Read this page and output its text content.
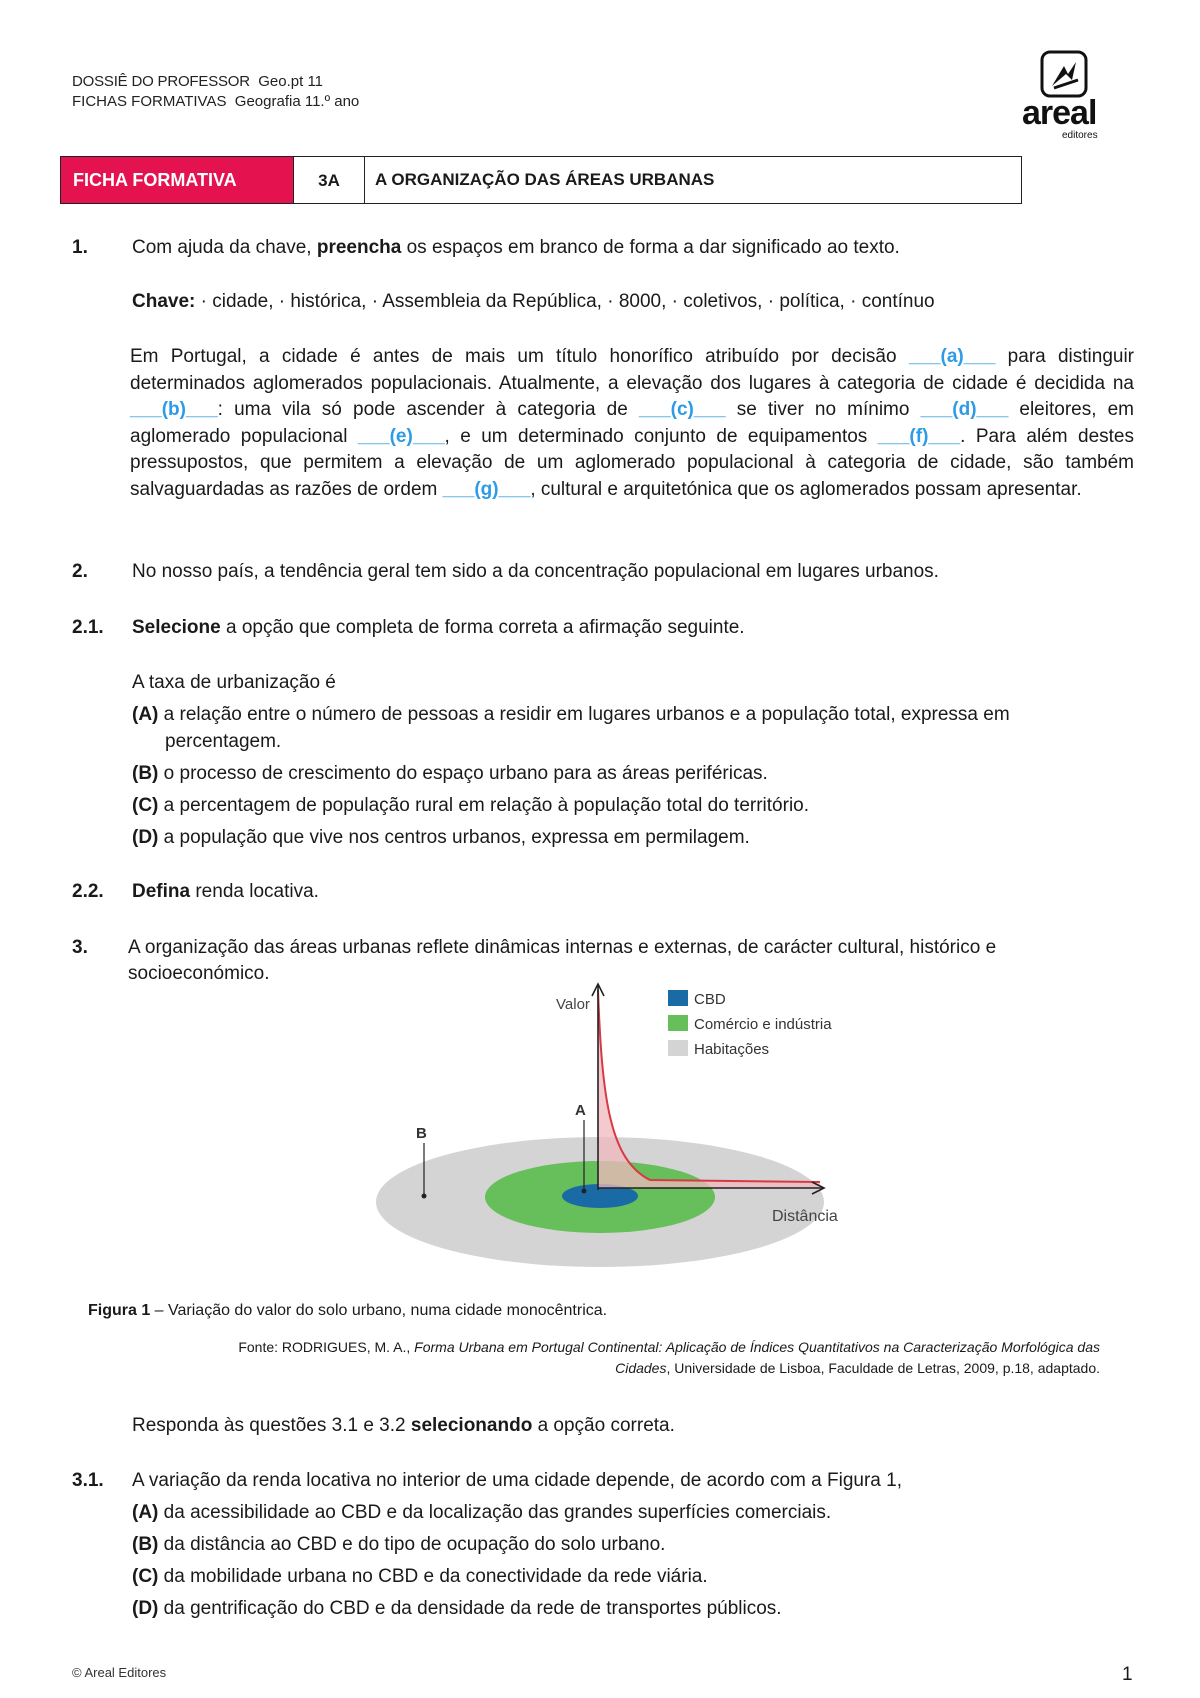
DOSSIÊ DO PROFESSOR Geo.pt 11
FICHAS FORMATIVAS Geografia 11.º ano	areal
editores
FICHA FORMATIVA	3A	A ORGANIZAÇÃO DAS ÁREAS URBANAS
1. Com ajuda da chave, preencha os espaços em branco de forma a dar significado ao texto.
Chave: · cidade, · histórica, · Assembleia da República, · 8000, · coletivos, · política, · contínuo
Em Portugal, a cidade é antes de mais um título honorífico atribuído por decisão ___(a)___ para distinguir determinados aglomerados populacionais. Atualmente, a elevação dos lugares à categoria de cidade é decidida na ___(b)___: uma vila só pode ascender à categoria de ___(c)___ se tiver no mínimo ___(d)___ eleitores, em aglomerado populacional ___(e)___, e um determinado conjunto de equipamentos ___(f)___. Para além destes pressupostos, que permitem a elevação de um aglomerado populacional à categoria de cidade, são também salvaguardadas as razões de ordem ___(g)___, cultural e arquitetónica que os aglomerados possam apresentar.
2. No nosso país, a tendência geral tem sido a da concentração populacional em lugares urbanos.
2.1. Selecione a opção que completa de forma correta a afirmação seguinte.
A taxa de urbanização é
(A) a relação entre o número de pessoas a residir em lugares urbanos e a população total, expressa em
percentagem.
(B) o processo de crescimento do espaço urbano para as áreas periféricas.
(C) a percentagem de população rural em relação à população total do território.
(D) a população que vive nos centros urbanos, expressa em permilagem.
2.2. Defina renda locativa.
3. A organização das áreas urbanas reflete dinâmicas internas e externas, de carácter cultural, histórico e
socioeconómico.
Valor
Distância
A
B
CBD
Comércio e indústria
Habitações
Figura 1 – Variação do valor do solo urbano, numa cidade monocêntrica.
Fonte: RODRIGUES, M. A., Forma Urbana em Portugal Continental: Aplicação de Índices Quantitativos na Caracterização Morfológica das
Cidades, Universidade de Lisboa, Faculdade de Letras, 2009, p.18, adaptado.
Responda às questões 3.1 e 3.2 selecionando a opção correta.
3.1. A variação da renda locativa no interior de uma cidade depende, de acordo com a Figura 1,
(A) da acessibilidade ao CBD e da localização das grandes superfícies comerciais.
(B) da distância ao CBD e do tipo de ocupação do solo urbano.
(C) da mobilidade urbana no CBD e da conectividade da rede viária.
(D) da gentrificação do CBD e da densidade da rede de transportes públicos.
© Areal Editores	1
